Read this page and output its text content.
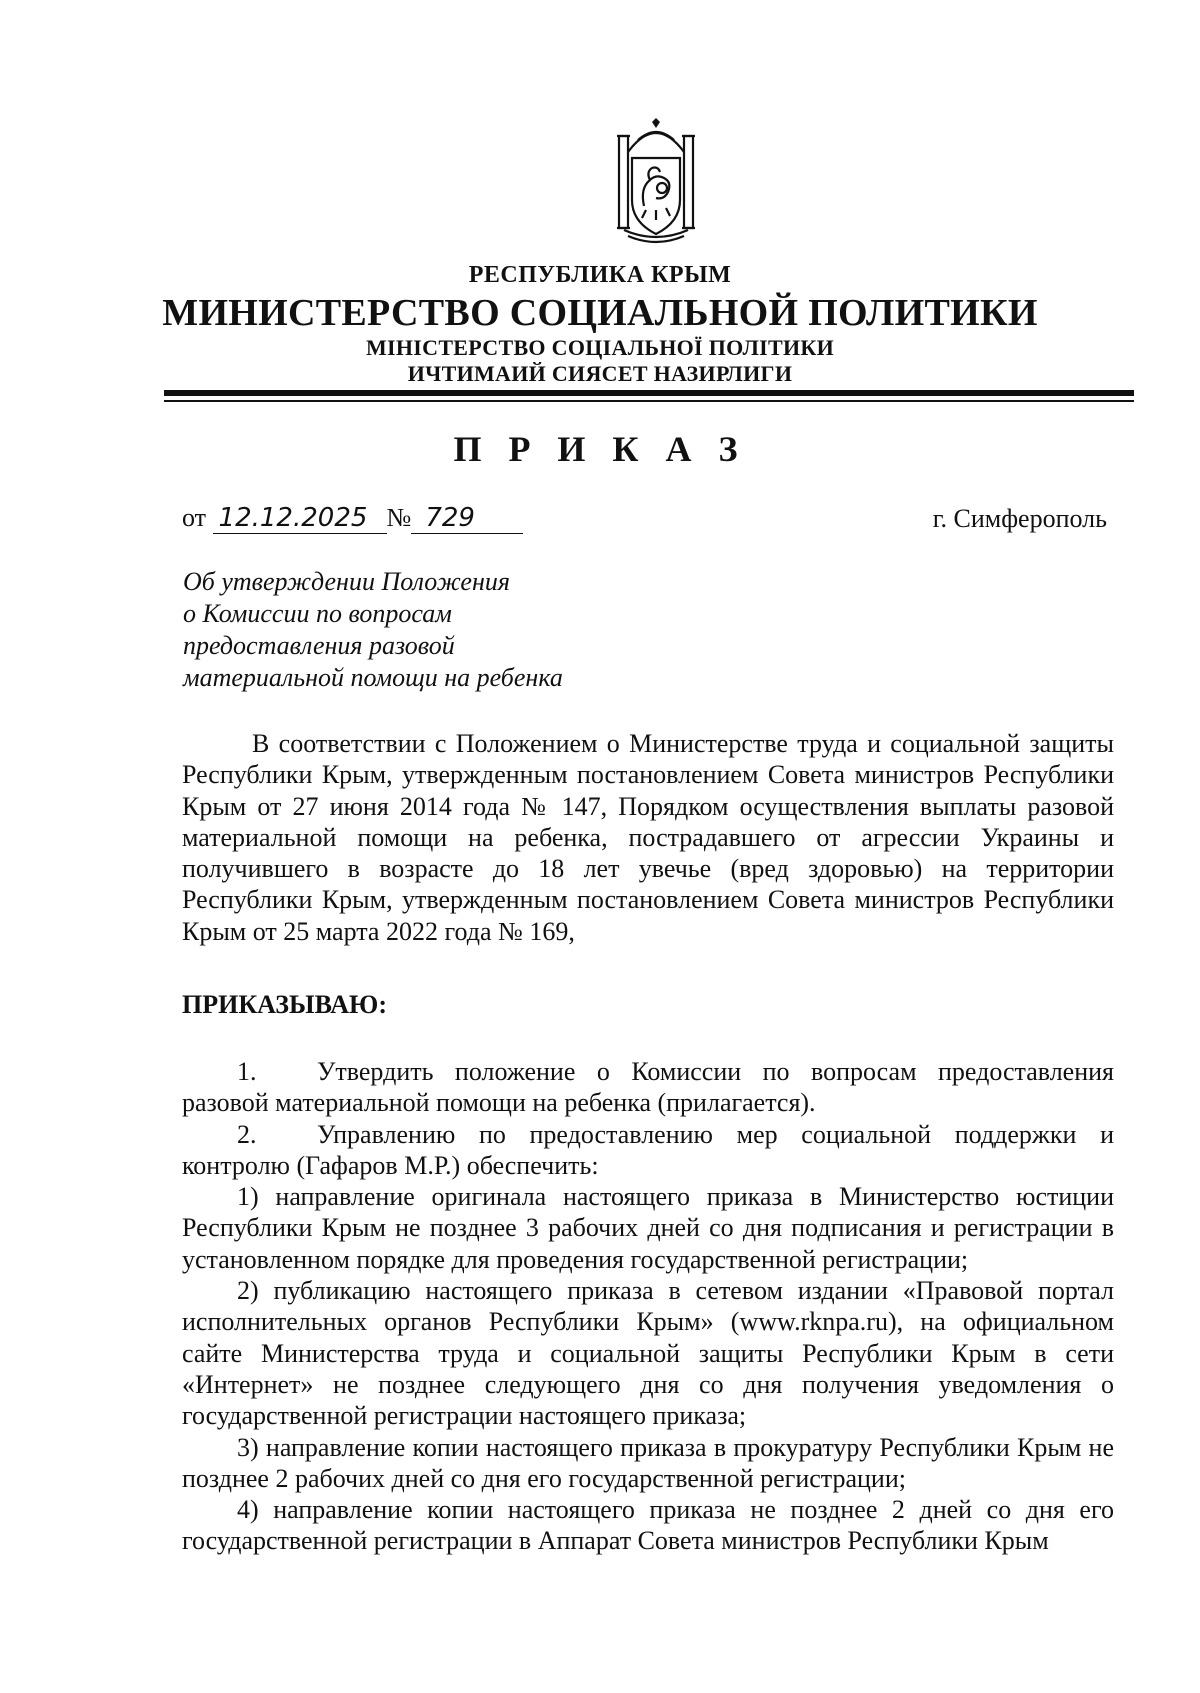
РЕСПУБЛИКА КРЫМ
МИНИСТЕРСТВО СОЦИАЛЬНОЙ ПОЛИТИКИ
МІНІСТЕРСТВО СОЦІАЛЬНОЇ ПОЛІТИКИ
ИЧТИМАИЙ СИЯСЕТ НАЗИРЛИГИ
П Р И К А З
от 12.12.2025 № 729	г. Симферополь
Об утверждении Положения
о Комиссии по вопросам
предоставления разовой
материальной помощи на ребенка
В соответствии с Положением о Министерстве труда и социальной защиты Республики Крым, утвержденным постановлением Совета министров Республики Крым от 27 июня 2014 года № 147, Порядком осуществления выплаты разовой материальной помощи на ребенка, пострадавшего от агрессии Украины и получившего в возрасте до 18 лет увечье (вред здоровью) на территории Республики Крым, утвержденным постановлением Совета министров Республики Крым от 25 марта 2022 года № 169,
ПРИКАЗЫВАЮ:

1. Утвердить положение о Комиссии по вопросам предоставления разовой материальной помощи на ребенка (прилагается).

2. Управлению по предоставлению мер социальной поддержки и контролю (Гафаров М.Р.) обеспечить:

1) направление оригинала настоящего приказа в Министерство юстиции Республики Крым не позднее 3 рабочих дней со дня подписания и регистрации в установленном порядке для проведения государственной регистрации;

2) публикацию настоящего приказа в сетевом издании «Правовой портал исполнительных органов Республики Крым» (www.rknpa.ru), на официальном сайте Министерства труда и социальной защиты Республики Крым в сети «Интернет» не позднее следующего дня со дня получения уведомления о государственной регистрации настоящего приказа;

3) направление копии настоящего приказа в прокуратуру Республики Крым не позднее 2 рабочих дней со дня его государственной регистрации;

4) направление копии настоящего приказа не позднее 2 дней со дня его государственной регистрации в Аппарат Совета министров Республики Крым
